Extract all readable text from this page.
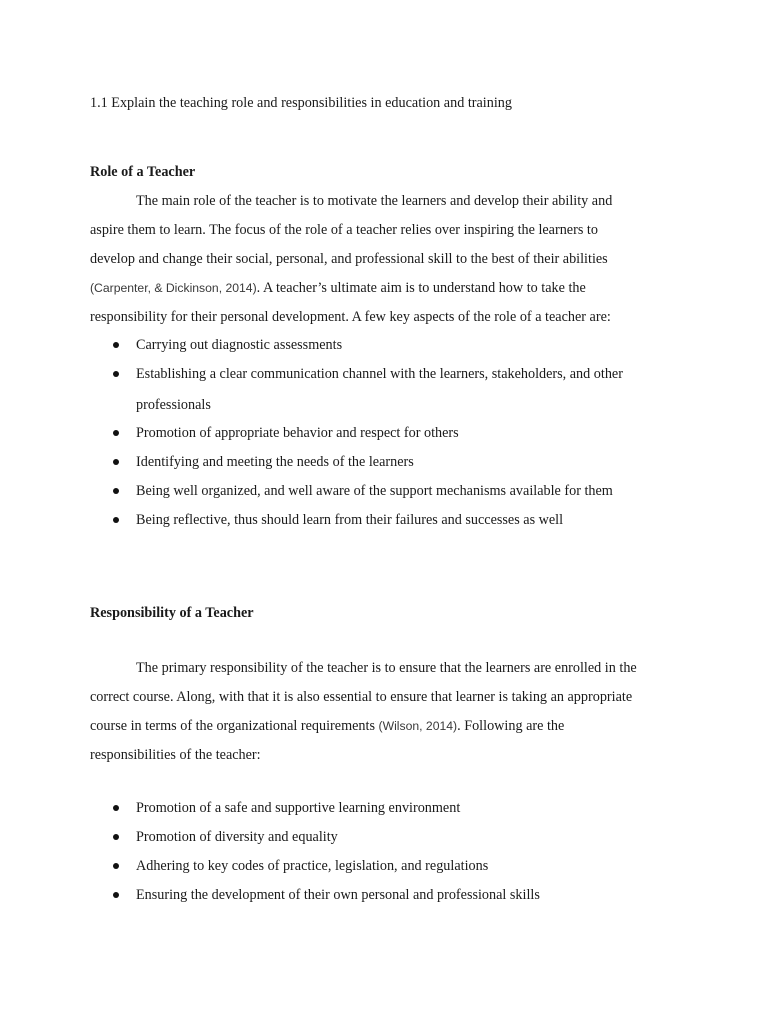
1.1 Explain the teaching role and responsibilities in education and training
Role of a Teacher
The main role of the teacher is to motivate the learners and develop their ability and
aspire them to learn. The focus of the role of a teacher relies over inspiring the learners to
develop and change their social, personal, and professional skill to the best of their abilities
(Carpenter, & Dickinson, 2014). A teacher’s ultimate aim is to understand how to take the
responsibility for their personal development. A few key aspects of the role of a teacher are:
Carrying out diagnostic assessments
Establishing a clear communication channel with the learners, stakeholders, and other
professionals
Promotion of appropriate behavior and respect for others
Identifying and meeting the needs of the learners
Being well organized, and well aware of the support mechanisms available for them
Being reflective, thus should learn from their failures and successes as well
Responsibility of a Teacher
The primary responsibility of the teacher is to ensure that the learners are enrolled in the
correct course. Along, with that it is also essential to ensure that learner is taking an appropriate
course in terms of the organizational requirements (Wilson, 2014). Following are the
responsibilities of the teacher:
Promotion of a safe and supportive learning environment
Promotion of diversity and equality
Adhering to key codes of practice, legislation, and regulations
Ensuring the development of their own personal and professional skills
